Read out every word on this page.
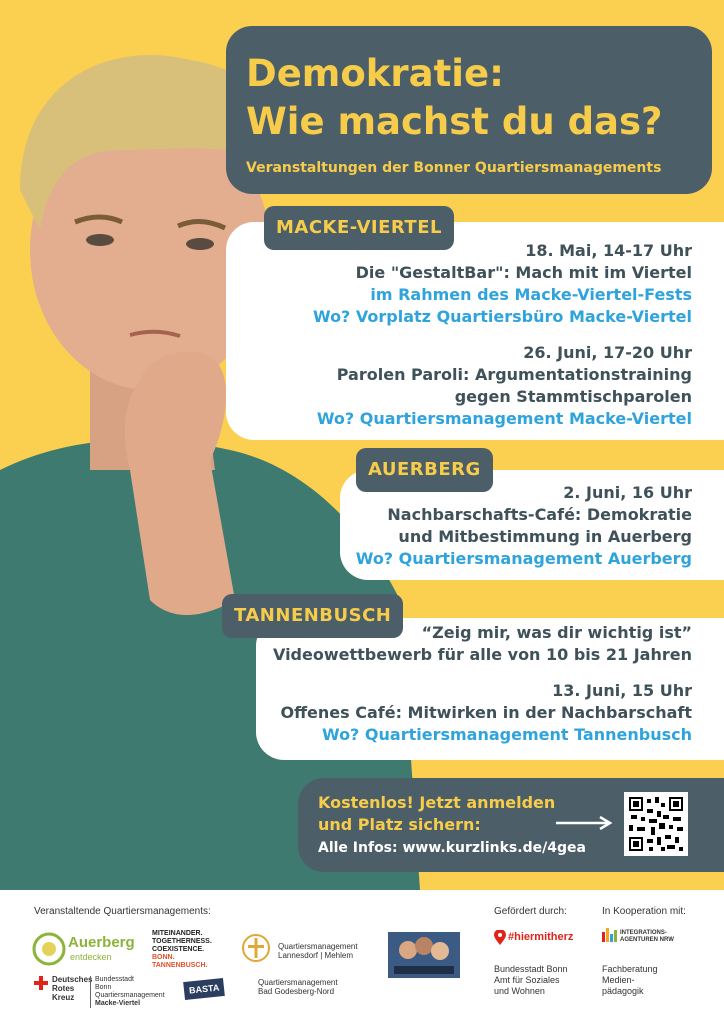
Demokratie:
Wie machst du das?
Veranstaltungen der Bonner Quartiersmanagements
18. Mai, 14-17 Uhr
Die "GestaltBar": Mach mit im Viertel
im Rahmen des Macke-Viertel-Fests
Wo? Vorplatz Quartiersbüro Macke-Viertel
26. Juni, 17-20 Uhr
Parolen Paroli: Argumentationstraining
gegen Stammtischparolen
Wo? Quartiersmanagement Macke-Viertel
MACKE-VIERTEL
2. Juni, 16 Uhr
Nachbarschafts-Café: Demokratie
und Mitbestimmung in Auerberg
Wo? Quartiersmanagement Auerberg
AUERBERG
“Zeig mir, was dir wichtig ist”
Videowettbewerb für alle von 10 bis 21 Jahren
13. Juni, 15 Uhr
Offenes Café: Mitwirken in der Nachbarschaft
Wo? Quartiersmanagement Tannenbusch
TANNENBUSCH
Kostenlos! Jetzt anmelden
und Platz sichern:
Alle Infos: www.kurzlinks.de/4gea
Veranstaltende Quartiersmanagements:	Gefördert durch:	In Kooperation mit:
Auerberg
entdecken
MITEINANDER.
TOGETHERNESS.
COEXISTENCE.
BONN.
TANNENBUSCH.
Quartiersmanagement
Lannesdorf | Mehlem
Quartiersmanagement
Bad Godesberg-Nord
Deutsches
Rotes
Kreuz
Bundesstadt
Bonn
Quartiersmanagement
Macke-Viertel
BASTA
#hiermitherz
Bundesstadt Bonn
Amt für Soziales
und Wohnen
INTEGRATIONS-
AGENTUREN NRW
Fachberatung
Medien-
pädagogik
